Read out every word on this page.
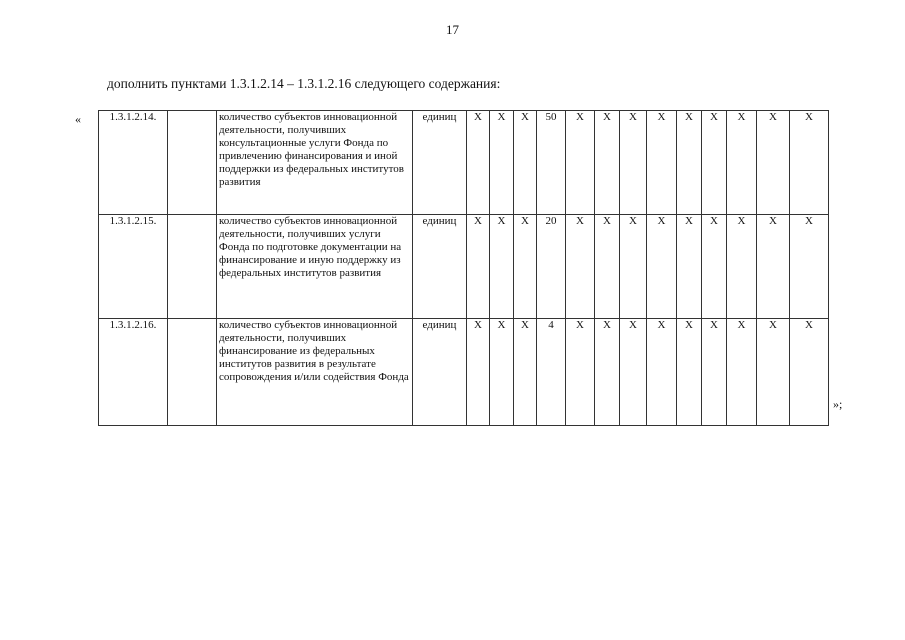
17
дополнить пунктами 1.3.1.2.14 – 1.3.1.2.16 следующего содержания:
«
»;
1.3.1.2.14.		количество субъектов инновационной деятельности, получивших консультационные услуги Фонда по привлечению финансирования и иной поддержки из федеральных институтов развития	единиц	Х	Х	Х	50	Х	Х	Х	Х	Х	Х	Х	Х	Х
1.3.1.2.15.		количество субъектов инновационной деятельности, получивших услуги Фонда по подготовке документации на финансирование и иную поддержку из федеральных институтов развития	единиц	Х	Х	Х	20	Х	Х	Х	Х	Х	Х	Х	Х	Х
1.3.1.2.16.		количество субъектов инновационной деятельности, получивших финансирование из федеральных институтов развития в результате сопровождения и/или содействия Фонда	единиц	Х	Х	Х	4	Х	Х	Х	Х	Х	Х	Х	Х	Х
